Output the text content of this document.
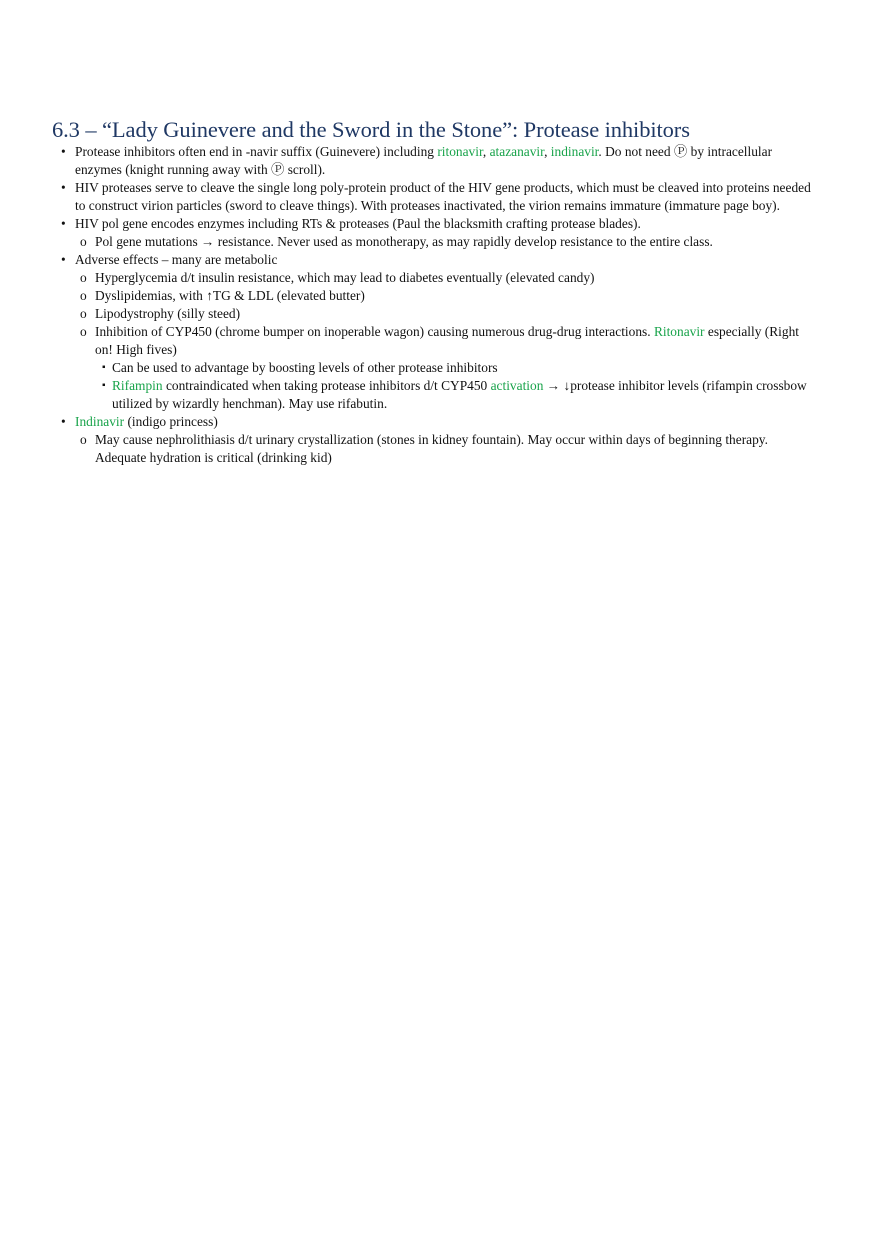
6.3 – “Lady Guinevere and the Sword in the Stone”: Protease inhibitors
• Protease inhibitors often end in -navir suffix (Guinevere) including ritonavir, atazanavir, indinavir. Do not need Ⓟ by intracellular enzymes (knight running away with Ⓟ scroll).
• HIV proteases serve to cleave the single long poly-protein product of the HIV gene products, which must be cleaved into proteins needed to construct virion particles (sword to cleave things). With proteases inactivated, the virion remains immature (immature page boy).
• HIV pol gene encodes enzymes including RTs & proteases (Paul the blacksmith crafting protease blades).
o Pol gene mutations → resistance. Never used as monotherapy, as may rapidly develop resistance to the entire class.
• Adverse effects – many are metabolic
o Hyperglycemia d/t insulin resistance, which may lead to diabetes eventually (elevated candy)
o Dyslipidemias, with ↑TG & LDL (elevated butter)
o Lipodystrophy (silly steed)
o Inhibition of CYP450 (chrome bumper on inoperable wagon) causing numerous drug-drug interactions. Ritonavir especially (Right on! High fives)
▪ Can be used to advantage by boosting levels of other protease inhibitors
▪ Rifampin contraindicated when taking protease inhibitors d/t CYP450 activation → ↓protease inhibitor levels (rifampin crossbow utilized by wizardly henchman). May use rifabutin.
• Indinavir (indigo princess)
o May cause nephrolithiasis d/t urinary crystallization (stones in kidney fountain). May occur within days of beginning therapy. Adequate hydration is critical (drinking kid)
